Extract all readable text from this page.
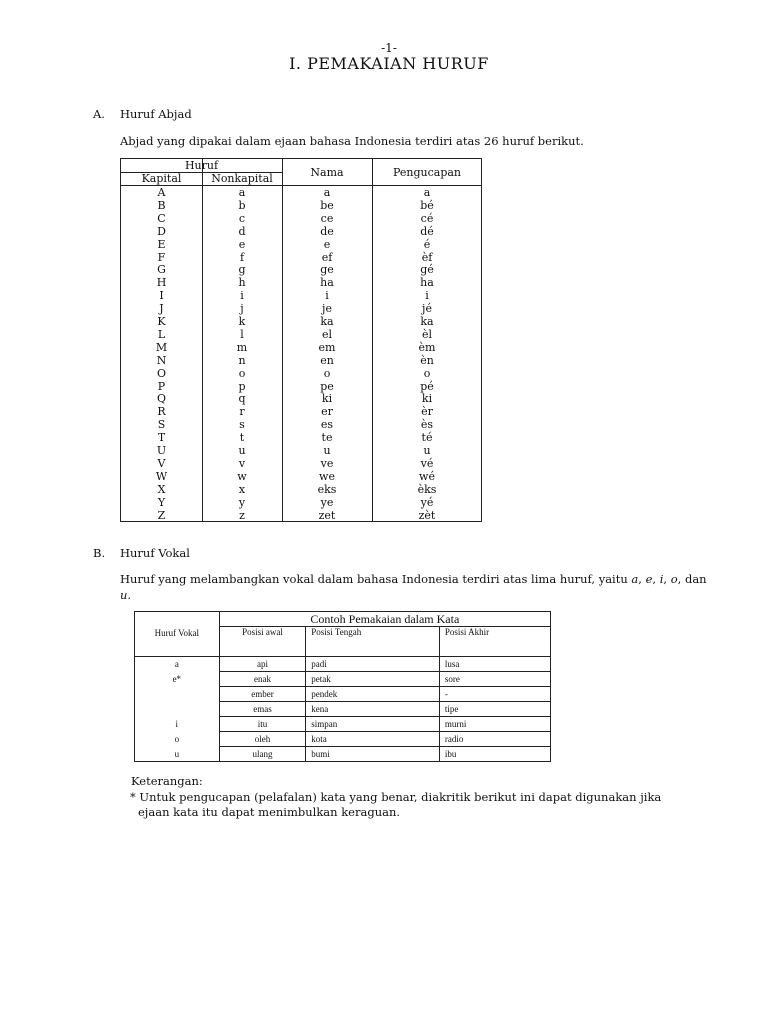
-1-
I. PEMAKAIAN HURUF
A. Huruf Abjad
Abjad yang dipakai dalam ejaan bahasa Indonesia terdiri atas 26 huruf berikut.
Huruf
Kapital	Nonkapital	Nama	Pengucapan
A	a	a	a
B	b	be	bé
C	c	ce	cé
D	d	de	dé
E	e	e	é
F	f	ef	èf
G	g	ge	gé
H	h	ha	ha
I	i	i	i
J	j	je	jé
K	k	ka	ka
L	l	el	èl
M	m	em	èm
N	n	en	èn
O	o	o	o
P	p	pe	pé
Q	q	ki	ki
R	r	er	èr
S	s	es	ès
T	t	te	té
U	u	u	u
V	v	ve	vé
W	w	we	wé
X	x	eks	èks
Y	y	ye	yé
Z	z	zet	zèt
B. Huruf Vokal
Huruf yang melambangkan vokal dalam bahasa Indonesia terdiri atas lima huruf, yaitu a, e, i, o, dan u.
	Contoh Pemakaian dalam Kata		
Huruf Vokal	Posisi awal	Posisi Tengah	Posisi Akhir
a	api	padi	lusa
e*	enak	petak	sore
	ember	pendek	-
	emas	kena	tipe
i	itu	simpan	murni
o	oleh	kota	radio
u	ulang	bumi	ibu
Keterangan:
* Untuk pengucapan (pelafalan) kata yang benar, diakritik berikut ini dapat digunakan jika
ejaan kata itu dapat menimbulkan keraguan.
